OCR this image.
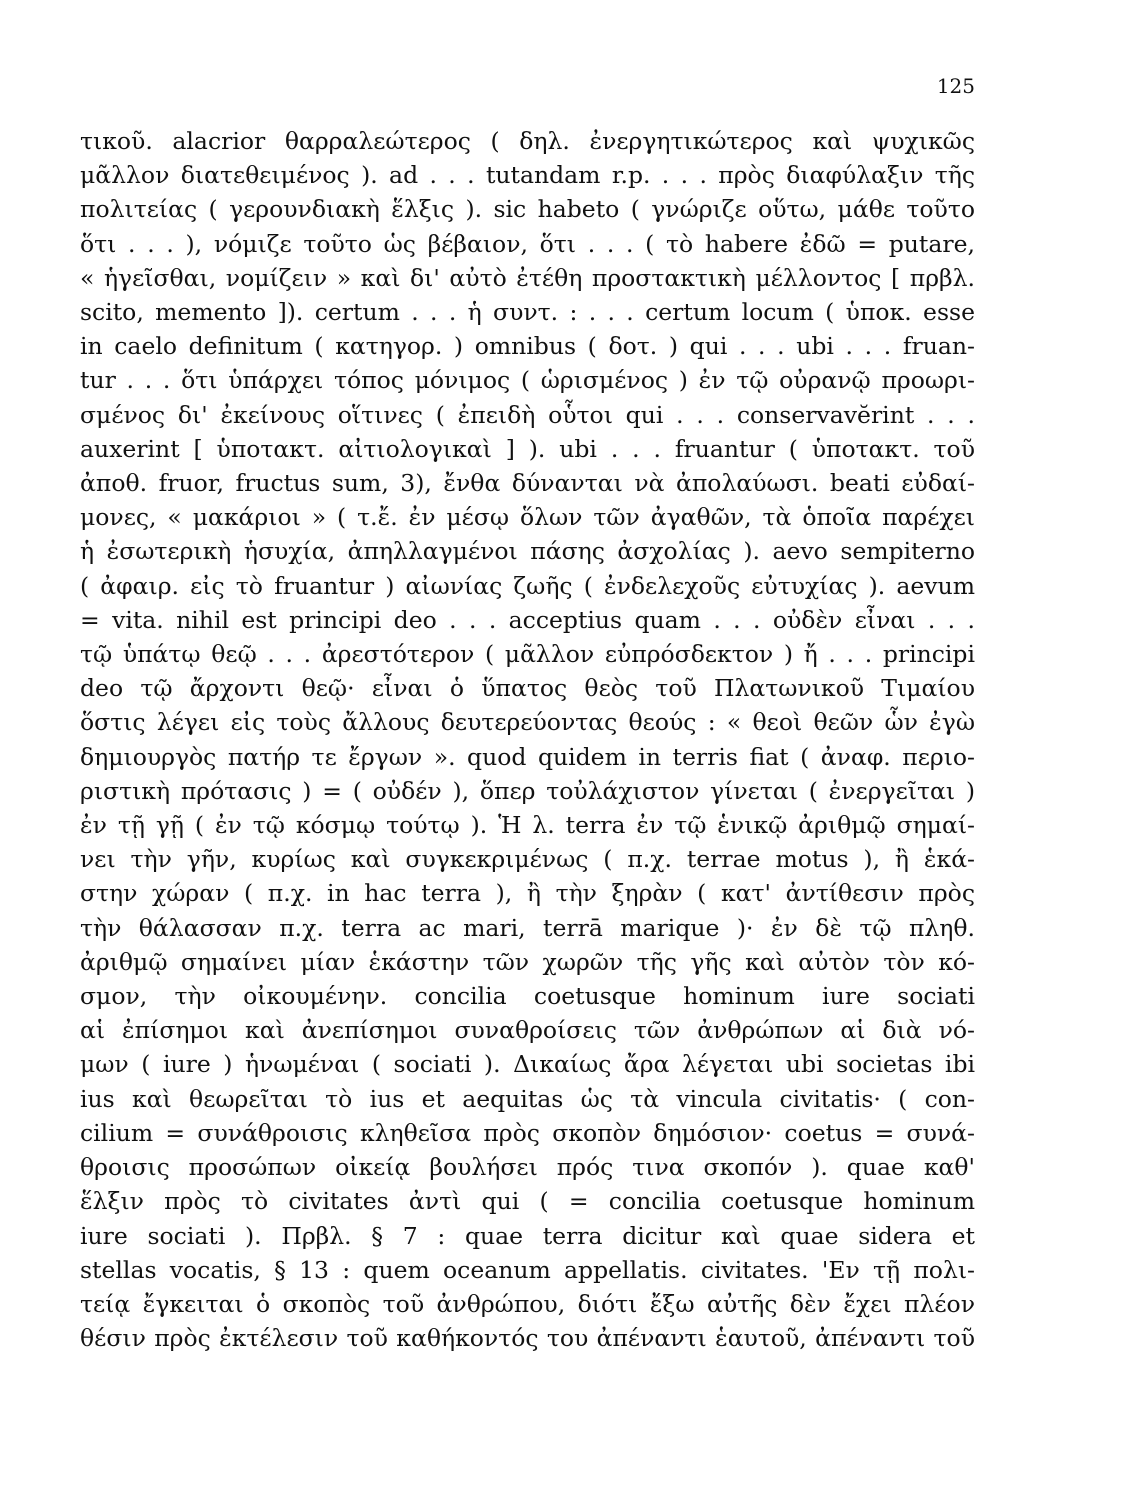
125
τικοῦ. alacrior θαρραλεώτερος ( δηλ. ἐνεργητικώτερος καὶ ψυχικῶς
μᾶλλον διατεθειμένος ). ad . . . tutandam r.p. . . . πρὸς διαφύλαξιν τῆς
πολιτείας ( γερουνδιακὴ ἕλξις ). sic habeto ( γνώριζε οὕτω, μάθε τοῦτο
ὅτι . . . ), νόμιζε τοῦτο ὡς βέβαιον, ὅτι . . . ( τὸ habere ἐδῶ = putare,
« ἡγεῖσθαι, νομίζειν » καὶ δι' αὐτὸ ἐτέθη προστακτικὴ μέλλοντος [ πρβλ.
scito, memento ]). certum . . . ἡ συντ. : . . . certum locum ( ὑποκ. esse
in caelo definitum ( κατηγορ. ) omnibus ( δοτ. ) qui . . . ubi . . . fruan-
tur . . . ὅτι ὑπάρχει τόπος μόνιμος ( ὡρισμένος ) ἐν τῷ οὐρανῷ προωρι-
σμένος δι' ἐκείνους οἵτινες ( ἐπειδὴ οὗτοι qui . . . conservavĕrint . . .
auxerint [ ὑποτακτ. αἰτιολογικαὶ ] ). ubi . . . fruantur ( ὑποτακτ. τοῦ
ἀποθ. fruor, fructus sum, 3), ἔνθα δύνανται νὰ ἀπολαύωσι. beati εὐδαί-
μονες, « μακάριοι » ( τ.ἔ. ἐν μέσῳ ὅλων τῶν ἀγαθῶν, τὰ ὁποῖα παρέχει
ἡ ἐσωτερικὴ ἡσυχία, ἀπηλλαγμένοι πάσης ἀσχολίας ). aevo sempiterno
( ἀφαιρ. εἰς τὸ fruantur ) αἰωνίας ζωῆς ( ἐνδελεχοῦς εὐτυχίας ). aevum
= vita. nihil est principi deo . . . acceptius quam . . . οὐδὲν εἶναι . . .
τῷ ὑπάτῳ θεῷ . . . ἀρεστότερον ( μᾶλλον εὐπρόσδεκτον ) ἤ . . . principi
deo τῷ ἄρχοντι θεῷ· εἶναι ὁ ὕπατος θεὸς τοῦ Πλατωνικοῦ Τιμαίου
ὅστις λέγει εἰς τοὺς ἄλλους δευτερεύοντας θεούς : « θεοὶ θεῶν ὧν ἐγὼ
δημιουργὸς πατήρ τε ἔργων ». quod quidem in terris fiat ( ἀναφ. περιο-
ριστικὴ πρότασις ) = ( οὐδέν ), ὅπερ τοὐλάχιστον γίνεται ( ἐνεργεῖται )
ἐν τῇ γῇ ( ἐν τῷ κόσμῳ τούτῳ ). Ἡ λ. terra ἐν τῷ ἑνικῷ ἀριθμῷ σημαί-
νει τὴν γῆν, κυρίως καὶ συγκεκριμένως ( π.χ. terrae motus ), ἢ ἑκά-
στην χώραν ( π.χ. in hac terra ), ἢ τὴν ξηρὰν ( κατ' ἀντίθεσιν πρὸς
τὴν θάλασσαν π.χ. terra ac mari, terrā marique )· ἐν δὲ τῷ πληθ.
ἀριθμῷ σημαίνει μίαν ἑκάστην τῶν χωρῶν τῆς γῆς καὶ αὐτὸν τὸν κό-
σμον, τὴν οἰκουμένην. concilia coetusque hominum iure sociati
αἱ ἐπίσημοι καὶ ἀνεπίσημοι συναθροίσεις τῶν ἀνθρώπων αἱ διὰ νό-
μων ( iure ) ἡνωμέναι ( sociati ). Δικαίως ἄρα λέγεται ubi societas ibi
ius καὶ θεωρεῖται τὸ ius et aequitas ὡς τὰ vincula civitatis· ( con-
cilium = συνάθροισις κληθεῖσα πρὸς σκοπὸν δημόσιον· coetus = συνά-
θροισις προσώπων οἰκείᾳ βουλήσει πρός τινα σκοπόν ). quae καθ'
ἕλξιν πρὸς τὸ civitates ἀντὶ qui ( = concilia coetusque hominum
iure sociati ). Πρβλ. § 7 : quae terra dicitur καὶ quae sidera et
stellas vocatis, § 13 : quem oceanum appellatis. civitates. 'Εν τῇ πολι-
τείᾳ ἔγκειται ὁ σκοπὸς τοῦ ἀνθρώπου, διότι ἔξω αὐτῆς δὲν ἔχει πλέον
θέσιν πρὸς ἐκτέλεσιν τοῦ καθήκοντός του ἀπέναντι ἑαυτοῦ, ἀπέναντι τοῦ
